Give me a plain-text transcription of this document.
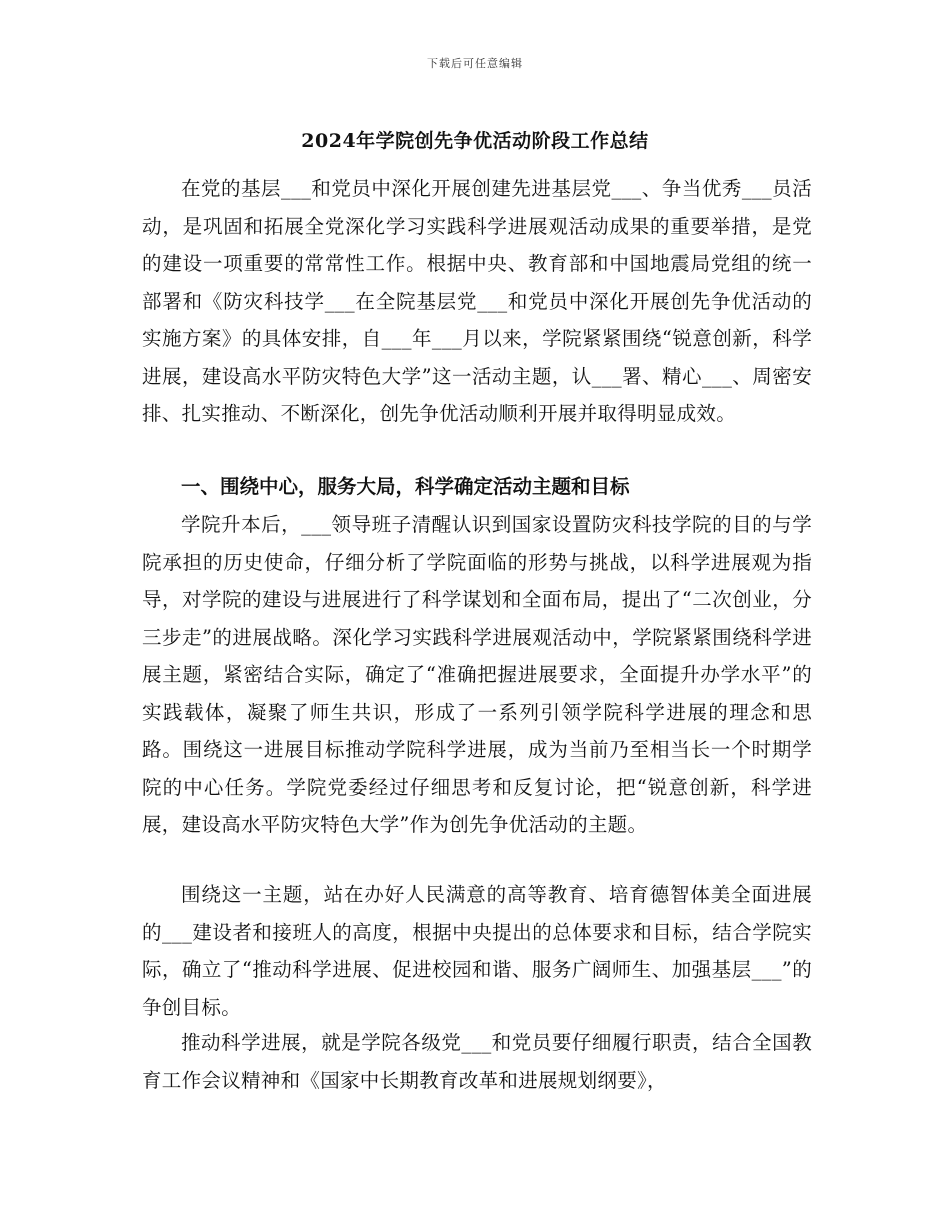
下载后可任意编辑
2024年学院创先争优活动阶段工作总结

在党的基层___和党员中深化开展创建先进基层党___、争当优秀___员活动，是巩固和拓展全党深化学习实践科学进展观活动成果的重要举措，是党的建设一项重要的常常性工作。根据中央、教育部和中国地震局党组的统一部署和《防灾科技学___在全院基层党___和党员中深化开展创先争优活动的实施方案》的具体安排，自___年___月以来，学院紧紧围绕“锐意创新，科学进展，建设高水平防灾特色大学”这一活动主题，认___署、精心___、周密安排、扎实推动、不断深化，创先争优活动顺利开展并取得明显成效。

一、围绕中心，服务大局，科学确定活动主题和目标

学院升本后，___领导班子清醒认识到国家设置防灾科技学院的目的与学院承担的历史使命，仔细分析了学院面临的形势与挑战，以科学进展观为指导，对学院的建设与进展进行了科学谋划和全面布局，提出了“二次创业，分三步走”的进展战略。深化学习实践科学进展观活动中，学院紧紧围绕科学进展主题，紧密结合实际，确定了“准确把握进展要求，全面提升办学水平”的实践载体，凝聚了师生共识，形成了一系列引领学院科学进展的理念和思路。围绕这一进展目标推动学院科学进展，成为当前乃至相当长一个时期学院的中心任务。学院党委经过仔细思考和反复讨论，把“锐意创新，科学进展，建设高水平防灾特色大学”作为创先争优活动的主题。

围绕这一主题，站在办好人民满意的高等教育、培育德智体美全面进展的___建设者和接班人的高度，根据中央提出的总体要求和目标，结合学院实际，确立了“推动科学进展、促进校园和谐、服务广阔师生、加强基层___”的争创目标。

推动科学进展，就是学院各级党___和党员要仔细履行职责，结合全国教育工作会议精神和《国家中长期教育改革和进展规划纲要》，
